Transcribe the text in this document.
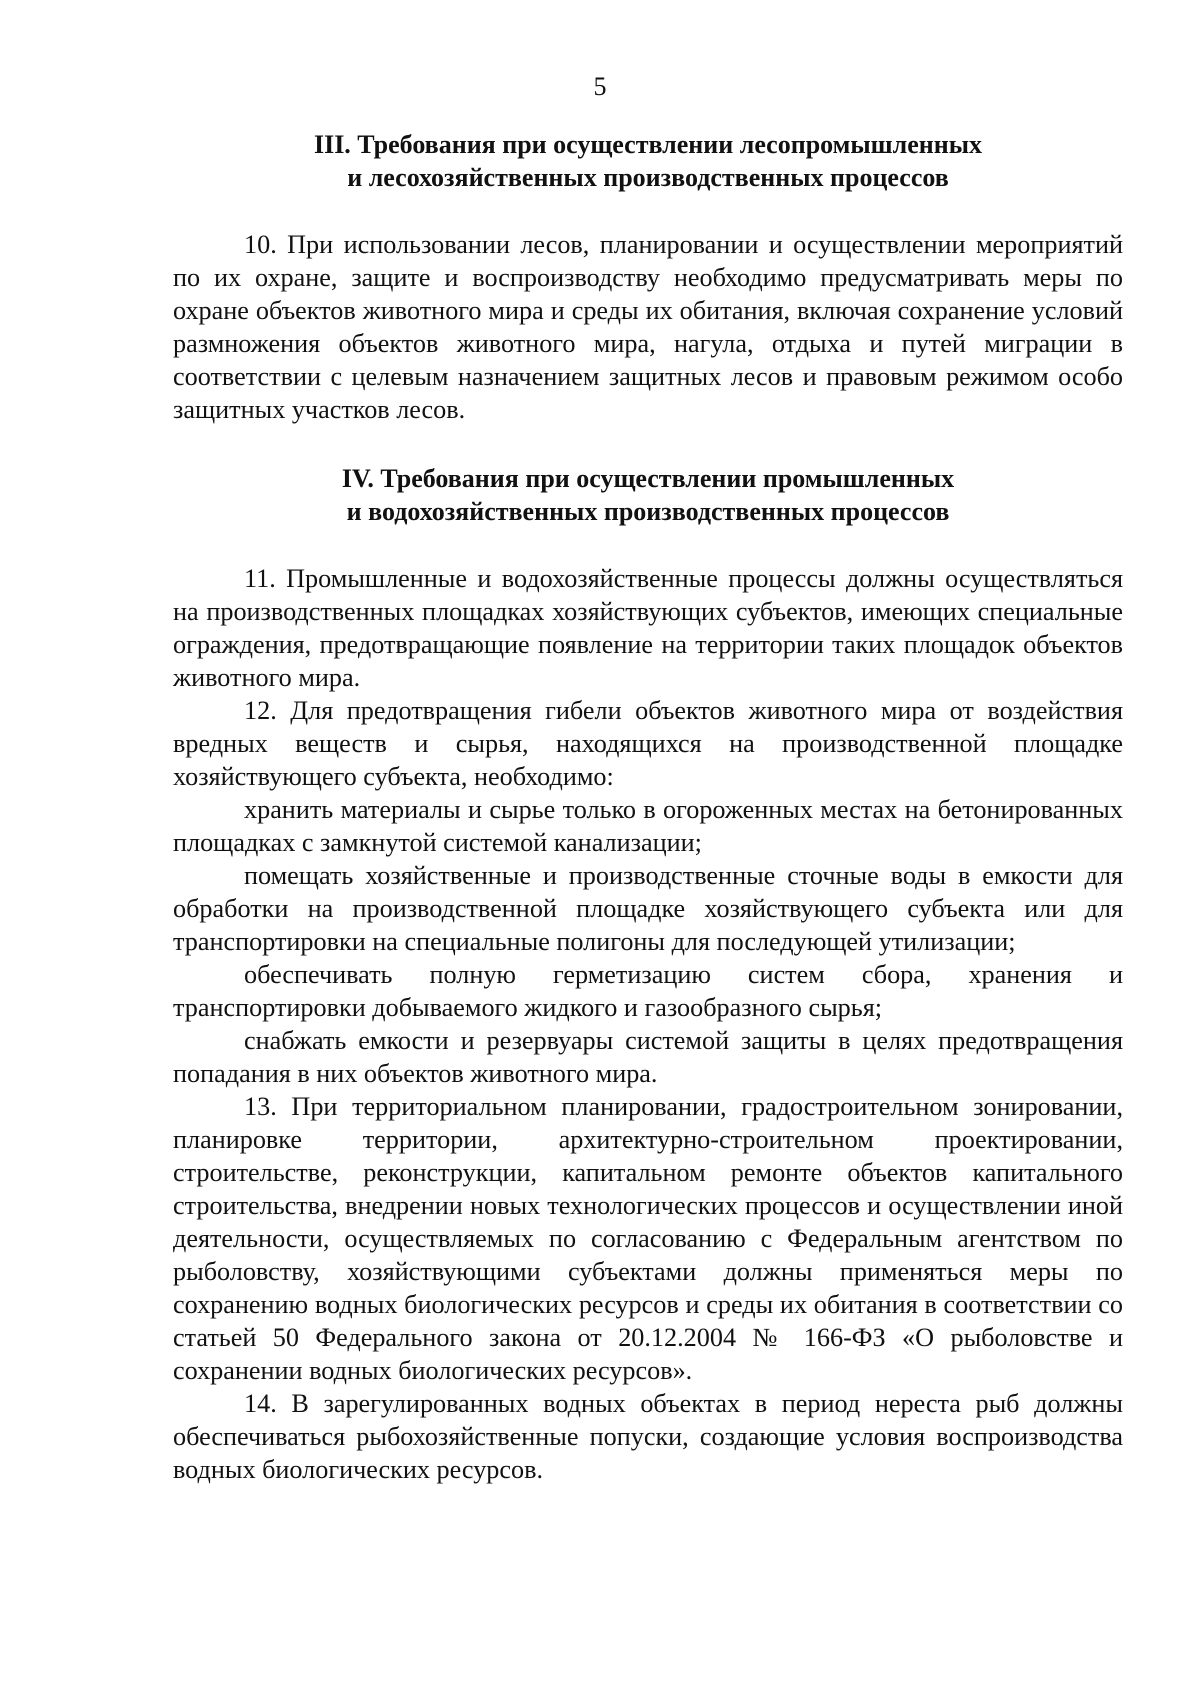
5
III. Требования при осуществлении лесопромышленных
и лесохозяйственных производственных процессов

10. При использовании лесов, планировании и осуществлении мероприятий по их охране, защите и воспроизводству необходимо предусматривать меры по охране объектов животного мира и среды их обитания, включая сохранение условий размножения объектов животного мира, нагула, отдыха и путей миграции в соответствии с целевым назначением защитных лесов и правовым режимом особо защитных участков лесов.

IV. Требования при осуществлении промышленных
и водохозяйственных производственных процессов

11. Промышленные и водохозяйственные процессы должны осуществляться на производственных площадках хозяйствующих субъектов, имеющих специальные ограждения, предотвращающие появление на территории таких площадок объектов животного мира.

12. Для предотвращения гибели объектов животного мира от воздействия вредных веществ и сырья, находящихся на производственной площадке хозяйствующего субъекта, необходимо:

хранить материалы и сырье только в огороженных местах на бетонированных площадках с замкнутой системой канализации;

помещать хозяйственные и производственные сточные воды в емкости для обработки на производственной площадке хозяйствующего субъекта или для транспортировки на специальные полигоны для последующей утилизации;

обеспечивать полную герметизацию систем сбора, хранения и транспортировки добываемого жидкого и газообразного сырья;

снабжать емкости и резервуары системой защиты в целях предотвращения попадания в них объектов животного мира.

13. При территориальном планировании, градостроительном зонировании, планировке территории, архитектурно-строительном проектировании, строительстве, реконструкции, капитальном ремонте объектов капитального строительства, внедрении новых технологических процессов и осуществлении иной деятельности, осуществляемых по согласованию с Федеральным агентством по рыболовству, хозяйствующими субъектами должны применяться меры по сохранению водных биологических ресурсов и среды их обитания в соответствии со статьей 50 Федерального закона от 20.12.2004 № 166-ФЗ «О рыболовстве и сохранении водных биологических ресурсов».

14. В зарегулированных водных объектах в период нереста рыб должны обеспечиваться рыбохозяйственные попуски, создающие условия воспроизводства водных биологических ресурсов.
